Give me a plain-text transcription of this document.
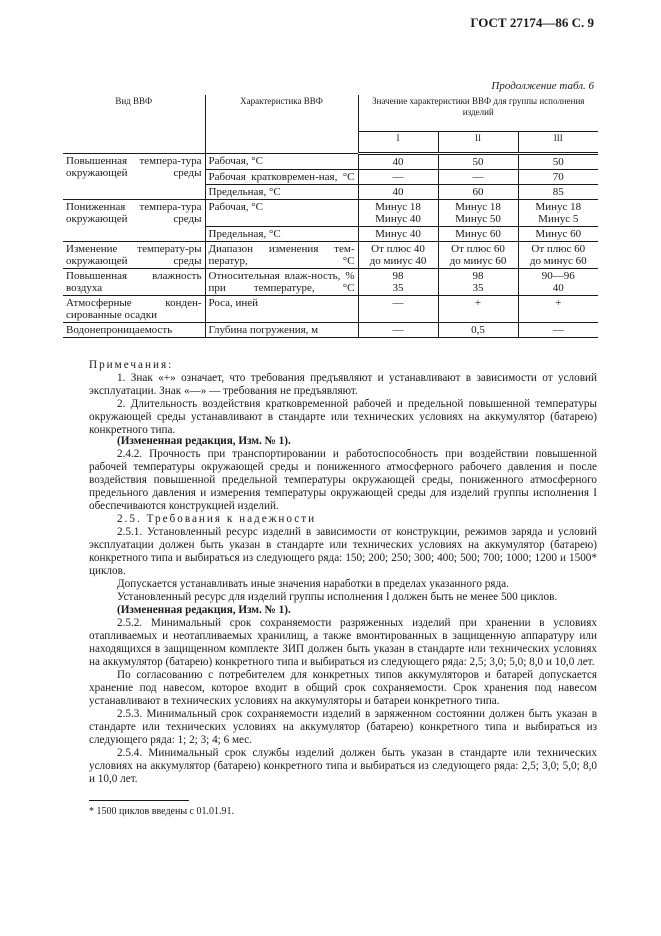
ГОСТ 27174—86 С. 9
Продолжение табл. 6
Вид ВВФ	Характеристика ВВФ	Значение характеристики ВВФ для группы исполнения изделий		
		I	II	III
Повышенная темпера-тура окружающей среды	Рабочая, °С	40	50	50
	Рабочая кратковремен-ная, °С	—	—	70
	Предельная, °С	40	60	85
Пониженная темпера-тура окружающей среды	Рабочая, °С	Минус 18 Минус 40	Минус 18 Минус 50	Минус 18 Минус 5
	Предельная, °С	Минус 40	Минус 60	Минус 60
Изменение температу-ры окружающей среды	Диапазон изменения тем-ператур, °С	От плюс 40 до минус 40	От плюс 60 до минус 60	От плюс 60 до минус 60
Повышенная влажность воздуха	Относительная влаж-ность, % при температуре, °С	98 35	98 35	90—96 40
Атмосферные конден-сированные осадки	Роса, иней	—	+	+
Водонепроницаемость	Глубина погружения, м	—	0,5	—

Примечания:

1. Знак «+» означает, что требования предъявляют и устанавливают в зависимости от условий эксплуатации. Знак «—» — требования не предъявляют.

2. Длительность воздействия кратковременной рабочей и предельной повышенной температуры окружающей среды устанавливают в стандарте или технических условиях на аккумулятор (батарею) конкретного типа.

(Измененная редакция, Изм. № 1).

2.4.2. Прочность при транспортировании и работоспособность при воздействии повышенной рабочей температуры окружающей среды и пониженного атмосферного рабочего давления и после воздействия повышенной предельной температуры окружающей среды, пониженного атмосферного предельного давления и измерения температуры окружающей среды для изделий группы исполнения I обеспечиваются конструкцией изделий.

2.5. Требования к надежности

2.5.1. Установленный ресурс изделий в зависимости от конструкции, режимов заряда и условий эксплуатации должен быть указан в стандарте или технических условиях на аккумулятор (батарею) конкретного типа и выбираться из следующего ряда: 150; 200; 250; 300; 400; 500; 700; 1000; 1200 и 1500* циклов.

Допускается устанавливать иные значения наработки в пределах указанного ряда.

Установленный ресурс для изделий группы исполнения I должен быть не менее 500 циклов.

(Измененная редакция, Изм. № 1).

2.5.2. Минимальный срок сохраняемости разряженных изделий при хранении в условиях отапливаемых и неотапливаемых хранилищ, а также вмонтированных в защищенную аппаратуру или находящихся в защищенном комплекте ЗИП должен быть указан в стандарте или технических условиях на аккумулятор (батарею) конкретного типа и выбираться из следующего ряда: 2,5; 3,0; 5,0; 8,0 и 10,0 лет.

По согласованию с потребителем для конкретных типов аккумуляторов и батарей допускается хранение под навесом, которое входит в общий срок сохраняемости. Срок хранения под навесом устанавливают в технических условиях на аккумуляторы и батареи конкретного типа.

2.5.3. Минимальный срок сохраняемости изделий в заряженном состоянии должен быть указан в стандарте или технических условиях на аккумулятор (батарею) конкретного типа и выбираться из следующего ряда: 1; 2; 3; 4; 6 мес.

2.5.4. Минимальный срок службы изделий должен быть указан в стандарте или технических условиях на аккумулятор (батарею) конкретного типа и выбираться из следующего ряда: 2,5; 3,0; 5,0; 8,0 и 10,0 лет.

* 1500 циклов введены с 01.01.91.
